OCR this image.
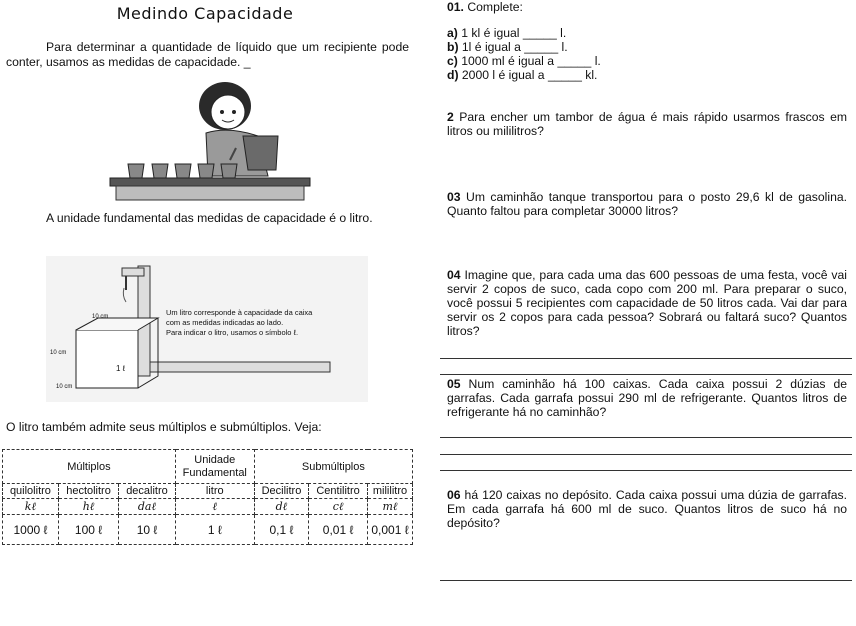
Medindo Capacidade
Para determinar a quantidade de líquido que um recipiente pode conter, usamos as medidas de capacidade. _
A unidade fundamental das medidas de capacidade é o litro.
10 cm
10 cm
10 cm
1 ℓ
Um litro corresponde à capacidade da caixa
com as medidas indicadas ao lado.
Para indicar o litro, usamos o símbolo ℓ.
O litro também admite seus múltiplos e submúltiplos. Veja:
Múltiplos			Unidade Fundamental	Submúltiplos		
quilolitro	hectolitro	decalitro	litro	Decilitro	Centilitro	mililitro
kℓ	hℓ	daℓ	ℓ	dℓ	cℓ	mℓ
1000 ℓ	100 ℓ	10 ℓ	1 ℓ	0,1 ℓ	0,01 ℓ	0,001 ℓ
01. Complete:
a) 1 kl é igual _____ l.
b) 1l é igual a _____ l.
c) 1000 ml é igual a _____ l.
d) 2000 l é igual a _____ kl.
2 Para encher um tambor de água é mais rápido usarmos frascos em litros ou mililitros?
03 Um caminhão tanque transportou para o posto 29,6 kl de gasolina. Quanto faltou para completar 30000 litros?
04 Imagine que, para cada uma das 600 pessoas de uma festa, você vai servir 2 copos de suco, cada copo com 200 ml. Para preparar o suco, você possui 5 recipientes com capacidade de 50 litros cada. Vai dar para servir os 2 copos para cada pessoa? Sobrará ou faltará suco? Quantos litros?
05 Num caminhão há 100 caixas. Cada caixa possui 2 dúzias de garrafas. Cada garrafa possui 290 ml de refrigerante. Quantos litros de refrigerante há no caminhão?
06 há 120 caixas no depósito. Cada caixa possui uma dúzia de garrafas. Em cada garrafa há 600 ml de suco. Quantos litros de suco há no depósito?
